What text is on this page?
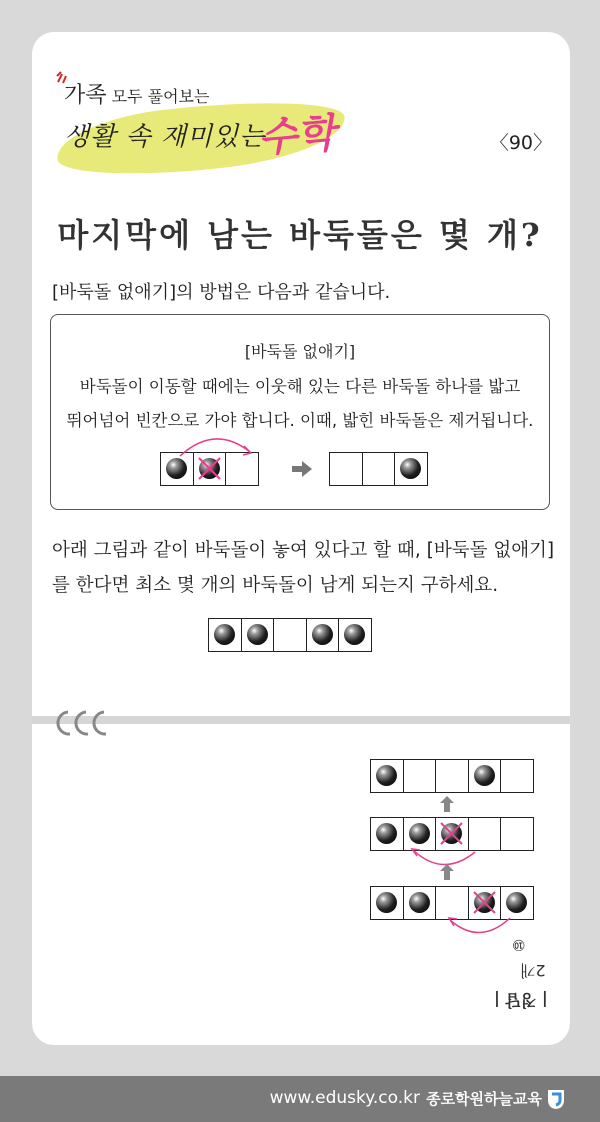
가족 모두 풀어보는
생활 속 재미있는
수학	〈90〉
마지막에 남는 바둑돌은 몇 개?
[바둑돌 없애기]의 방법은 다음과 같습니다.
[바둑돌 없애기]
바둑돌이 이동할 때에는 이웃해 있는 다른 바둑돌 하나를 밟고
뛰어넘어 빈칸으로 가야 합니다. 이때, 밟힌 바둑돌은 제거됩니다.
아래 그림과 같이 바둑돌이 놓여 있다고 할 때, [바둑돌 없애기]
를 한다면 최소 몇 개의 바둑돌이 남게 되는지 구하세요.
⑩
2개
| 정답 |
www.edusky.co.kr 종로학원하늘교육
